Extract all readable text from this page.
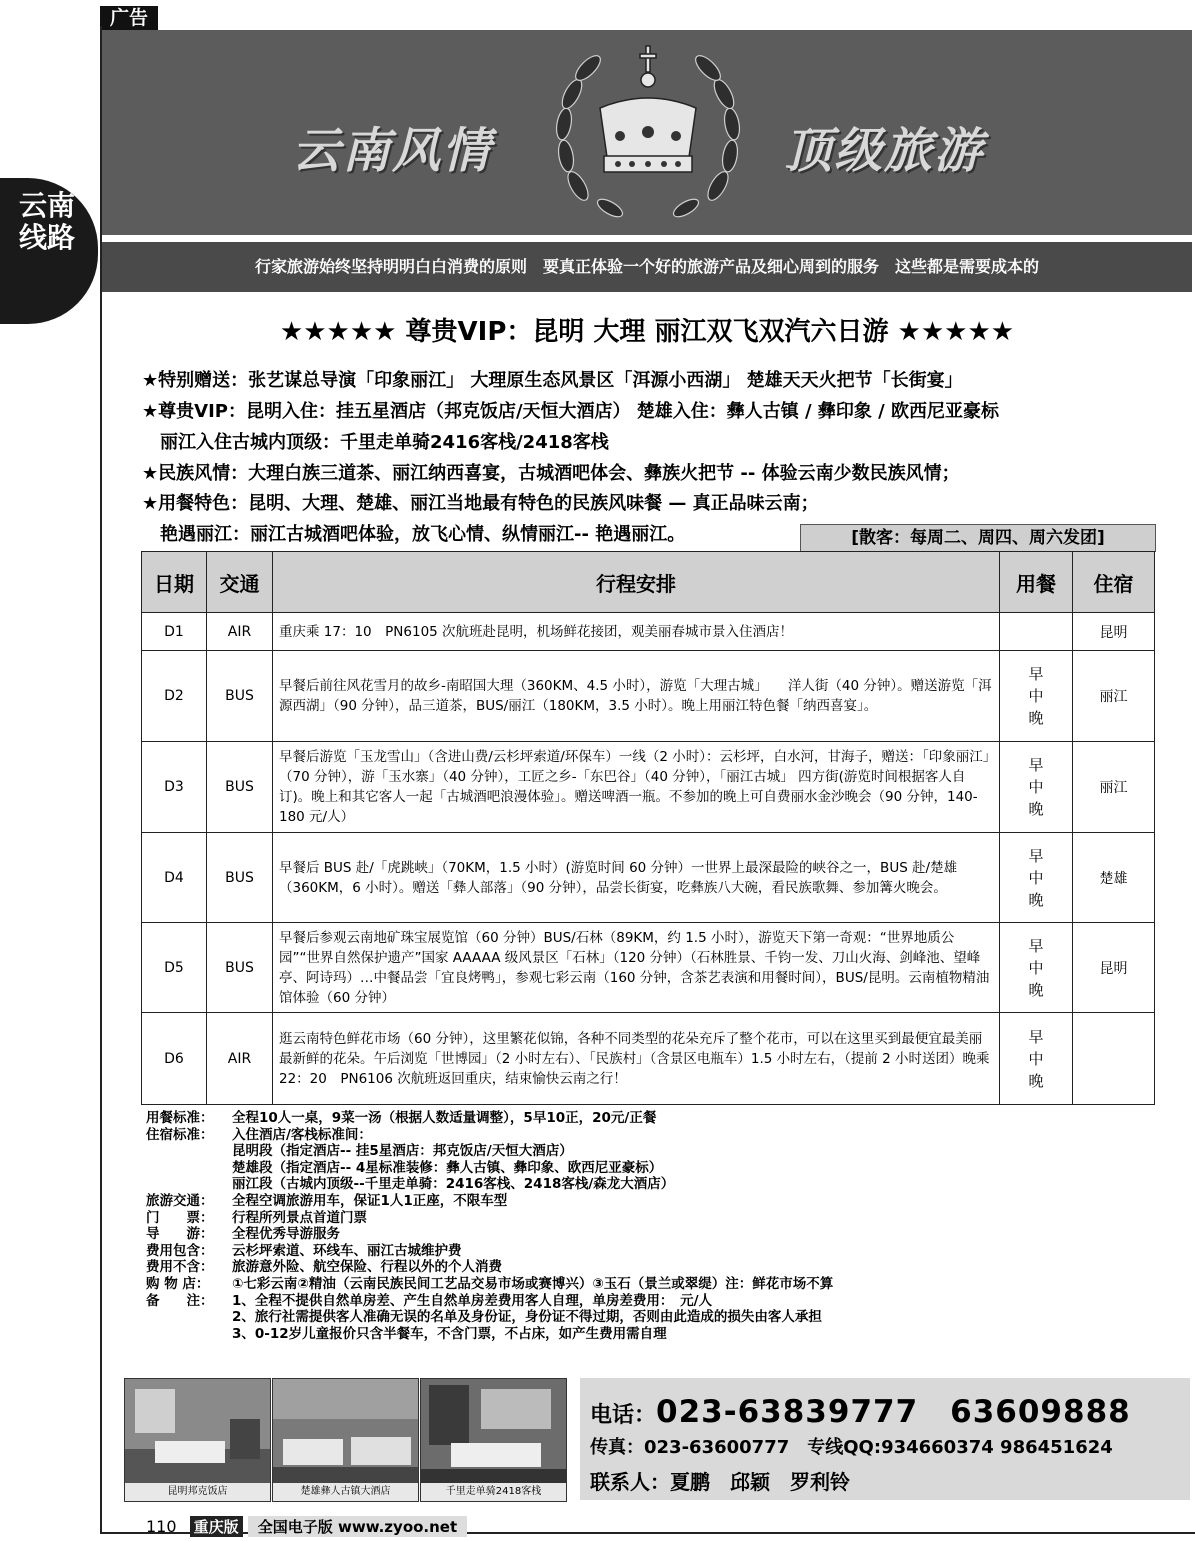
广告
云南风情	顶级旅游
云南线路
行家旅游始终坚持明明白白消费的原则　要真正体验一个好的旅游产品及细心周到的服务　这些都是需要成本的
★★★★★ 尊贵VIP：昆明 大理 丽江双飞双汽六日游 ★★★★★
★特别赠送：张艺谋总导演「印象丽江」 大理原生态风景区「洱源小西湖」 楚雄天天火把节「长街宴」
★尊贵VIP：昆明入住：挂五星酒店（邦克饭店/天恒大酒店） 楚雄入住：彝人古镇 / 彝印象 / 欧西尼亚豪标
　丽江入住古城内顶级：千里走单骑2416客栈/2418客栈
★民族风情：大理白族三道茶、丽江纳西喜宴，古城酒吧体会、彝族火把节 -- 体验云南少数民族风情；
★用餐特色：昆明、大理、楚雄、丽江当地最有特色的民族风味餐 — 真正品味云南；
　艳遇丽江：丽江古城酒吧体验，放飞心情、纵情丽江-- 艳遇丽江。	[散客：每周二、周四、周六发团]
日期	交通	行程安排	用餐	住宿
D1	AIR	重庆乘 17：10　PN6105 次航班赴昆明，机场鲜花接团，观美丽春城市景入住酒店！		昆明
D2	BUS	早餐后前往风花雪月的故乡-南昭国大理（360KM、4.5 小时），游览「大理古城」　　洋人街（40 分钟）。赠送游览「洱源西湖」（90 分钟），品三道茶，BUS/丽江（180KM，3.5 小时）。晚上用丽江特色餐「纳西喜宴」。	早
中
晚	丽江
D3	BUS	早餐后游览「玉龙雪山」（含进山费/云杉坪索道/环保车）一线（2 小时）：云杉坪，白水河，甘海子，赠送：「印象丽江」（70 分钟），游「玉水寨」（40 分钟），工匠之乡-「东巴谷」（40 分钟），「丽江古城」 四方街(游览时间根据客人自订)。晚上和其它客人一起「古城酒吧浪漫体验」。赠送啤酒一瓶。不参加的晚上可自费丽水金沙晚会（90 分钟，140-180 元/人）	早
中
晚	丽江
D4	BUS	早餐后 BUS 赴/「虎跳峡」（70KM，1.5 小时）(游览时间 60 分钟）一世界上最深最险的峡谷之一，BUS 赴/楚雄（360KM，6 小时）。赠送「彝人部落」（90 分钟），品尝长街宴，吃彝族八大碗，看民族歌舞、参加篝火晚会。	早
中
晚	楚雄
D5	BUS	早餐后参观云南地矿珠宝展览馆（60 分钟）BUS/石林（89KM，约 1.5 小时），游览天下第一奇观：“世界地质公园”“世界自然保护遗产”国家 AAAAA 级风景区「石林」（120 分钟）（石林胜景、千钧一发、刀山火海、剑峰池、望峰亭、阿诗玛）…中餐品尝「宜良烤鸭」，参观七彩云南（160 分钟，含茶艺表演和用餐时间），BUS/昆明。云南植物精油馆体验（60 分钟）	早
中
晚	昆明
D6	AIR	逛云南特色鲜花市场（60 分钟），这里繁花似锦，各种不同类型的花朵充斥了整个花市，可以在这里买到最便宜最美丽最新鲜的花朵。午后浏览「世博园」（2 小时左右）、「民族村」（含景区电瓶车）1.5 小时左右，（提前 2 小时送团）晚乘 22：20　PN6106 次航班返回重庆，结束愉快云南之行！	早
中
晚	
用餐标准： 全程10人一桌，9菜一汤（根据人数适量调整），5早10正，20元/正餐
住宿标准： 入住酒店/客栈标准间：
昆明段（指定酒店-- 挂5星酒店：邦克饭店/天恒大酒店）
楚雄段（指定酒店-- 4星标准装修：彝人古镇、彝印象、欧西尼亚豪标）
丽江段（古城内顶级--千里走单骑：2416客栈、2418客栈/森龙大酒店）
旅游交通： 全程空调旅游用车，保证1人1正座，不限车型
门　　票： 行程所列景点首道门票
导　　游： 全程优秀导游服务
费用包含： 云杉坪索道、环线车、丽江古城维护费
费用不含： 旅游意外险、航空保险、行程以外的个人消费
购 物 店： ①七彩云南②精油（云南民族民间工艺品交易市场或赛博兴）③玉石（景兰或翠缇）注：鲜花市场不算
备　　注： 1、全程不提供自然单房差、产生自然单房差费用客人自理，单房差费用：　元/人
2、旅行社需提供客人准确无误的名单及身份证，身份证不得过期，否则由此造成的损失由客人承担
3、0-12岁儿童报价只含半餐车，不含门票，不占床，如产生费用需自理
昆明邦克饭店	楚雄彝人古镇大酒店	千里走单骑2418客栈
电话：023-63839777　63609888
传真：023-63600777　 专线QQ:934660374 986451624
联系人：夏鹏　邱颖　罗利铃
110 重庆版 全国电子版 www.zyoo.net
